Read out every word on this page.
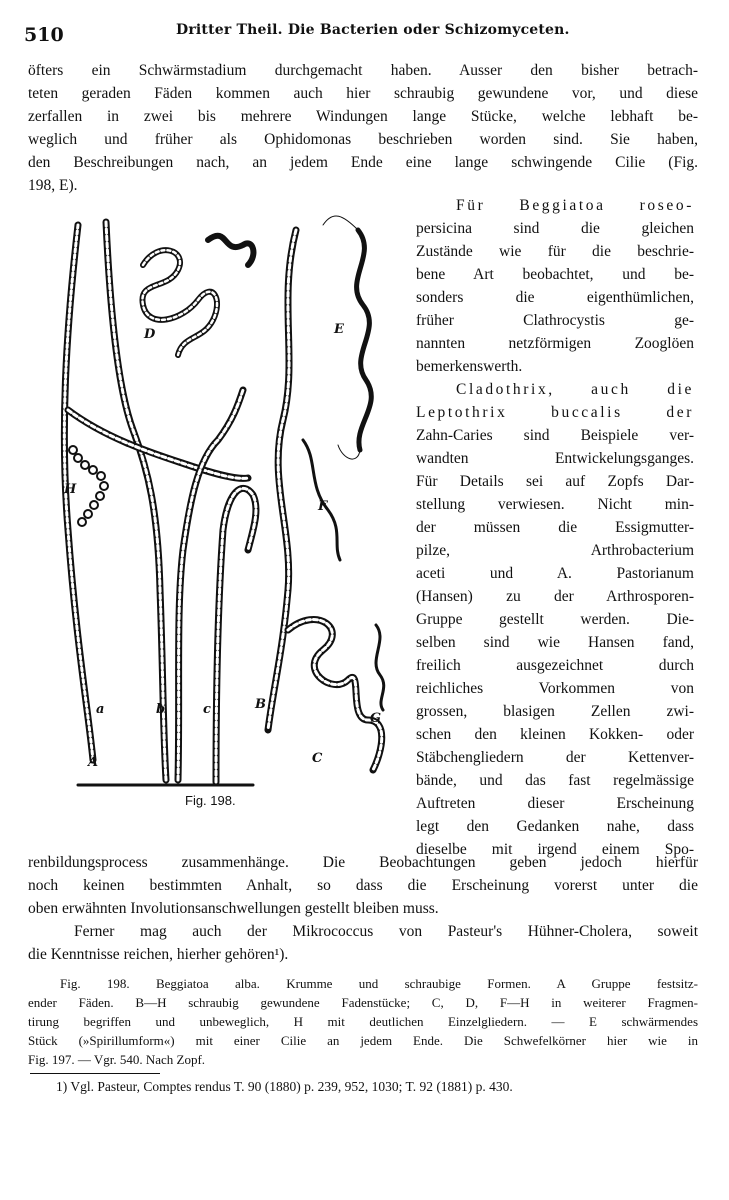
510	Dritter Theil. Die Bacterien oder Schizomyceten.
öfters ein Schwärmstadium durchgemacht haben. Ausser den bisher betrach-
teten geraden Fäden kommen auch hier schraubig gewundene vor, und diese
zerfallen in zwei bis mehrere Windungen lange Stücke, welche lebhaft be-
weglich und früher als Ophidomonas beschrieben worden sind. Sie haben,
den Beschreibungen nach, an jedem Ende eine lange schwingende Cilie (Fig.
198, E).
Für Beggiatoa roseo-
persicina sind die gleichen
Zustände wie für die beschrie-
bene Art beobachtet, und be-
sonders die eigenthümlichen,
früher Clathrocystis ge-
nannten netzförmigen Zooglöen
bemerkenswerth.
Cladothrix, auch die
Leptothrix buccalis der
Zahn-Caries sind Beispiele ver-
wandten Entwickelungsganges.
Für Details sei auf Zopfs Dar-
stellung verwiesen. Nicht min-
der müssen die Essigmutter-
pilze, Arthrobacterium
aceti und A. Pastorianum
(Hansen) zu der Arthrosporen-
Gruppe gestellt werden. Die-
selben sind wie Hansen fand,
freilich ausgezeichnet durch
reichliches Vorkommen von
grossen, blasigen Zellen zwi-
schen den kleinen Kokken- oder
Stäbchengliedern der Kettenver-
bände, und das fast regelmässige
Auftreten dieser Erscheinung
legt den Gedanken nahe, dass
dieselbe mit irgend einem Spo-
A
a	b	c	B
C
D	E
F
G
H
Fig. 198.
renbildungsprocess zusammenhänge. Die Beobachtungen geben jedoch hierfür
noch keinen bestimmten Anhalt, so dass die Erscheinung vorerst unter die
oben erwähnten Involutionsanschwellungen gestellt bleiben muss.
Ferner mag auch der Mikrococcus von Pasteur's Hühner-Cholera, soweit
die Kenntnisse reichen, hierher gehören¹).
Fig. 198. Beggiatoa alba. Krumme und schraubige Formen. A Gruppe festsitz-
ender Fäden. B—H schraubig gewundene Fadenstücke; C, D, F—H in weiterer Fragmen-
tirung begriffen und unbeweglich, H mit deutlichen Einzelgliedern. — E schwärmendes
Stück (»Spirillumform«) mit einer Cilie an jedem Ende. Die Schwefelkörner hier wie in
Fig. 197. — Vgr. 540. Nach Zopf.
1) Vgl. Pasteur, Comptes rendus T. 90 (1880) p. 239, 952, 1030; T. 92 (1881) p. 430.
